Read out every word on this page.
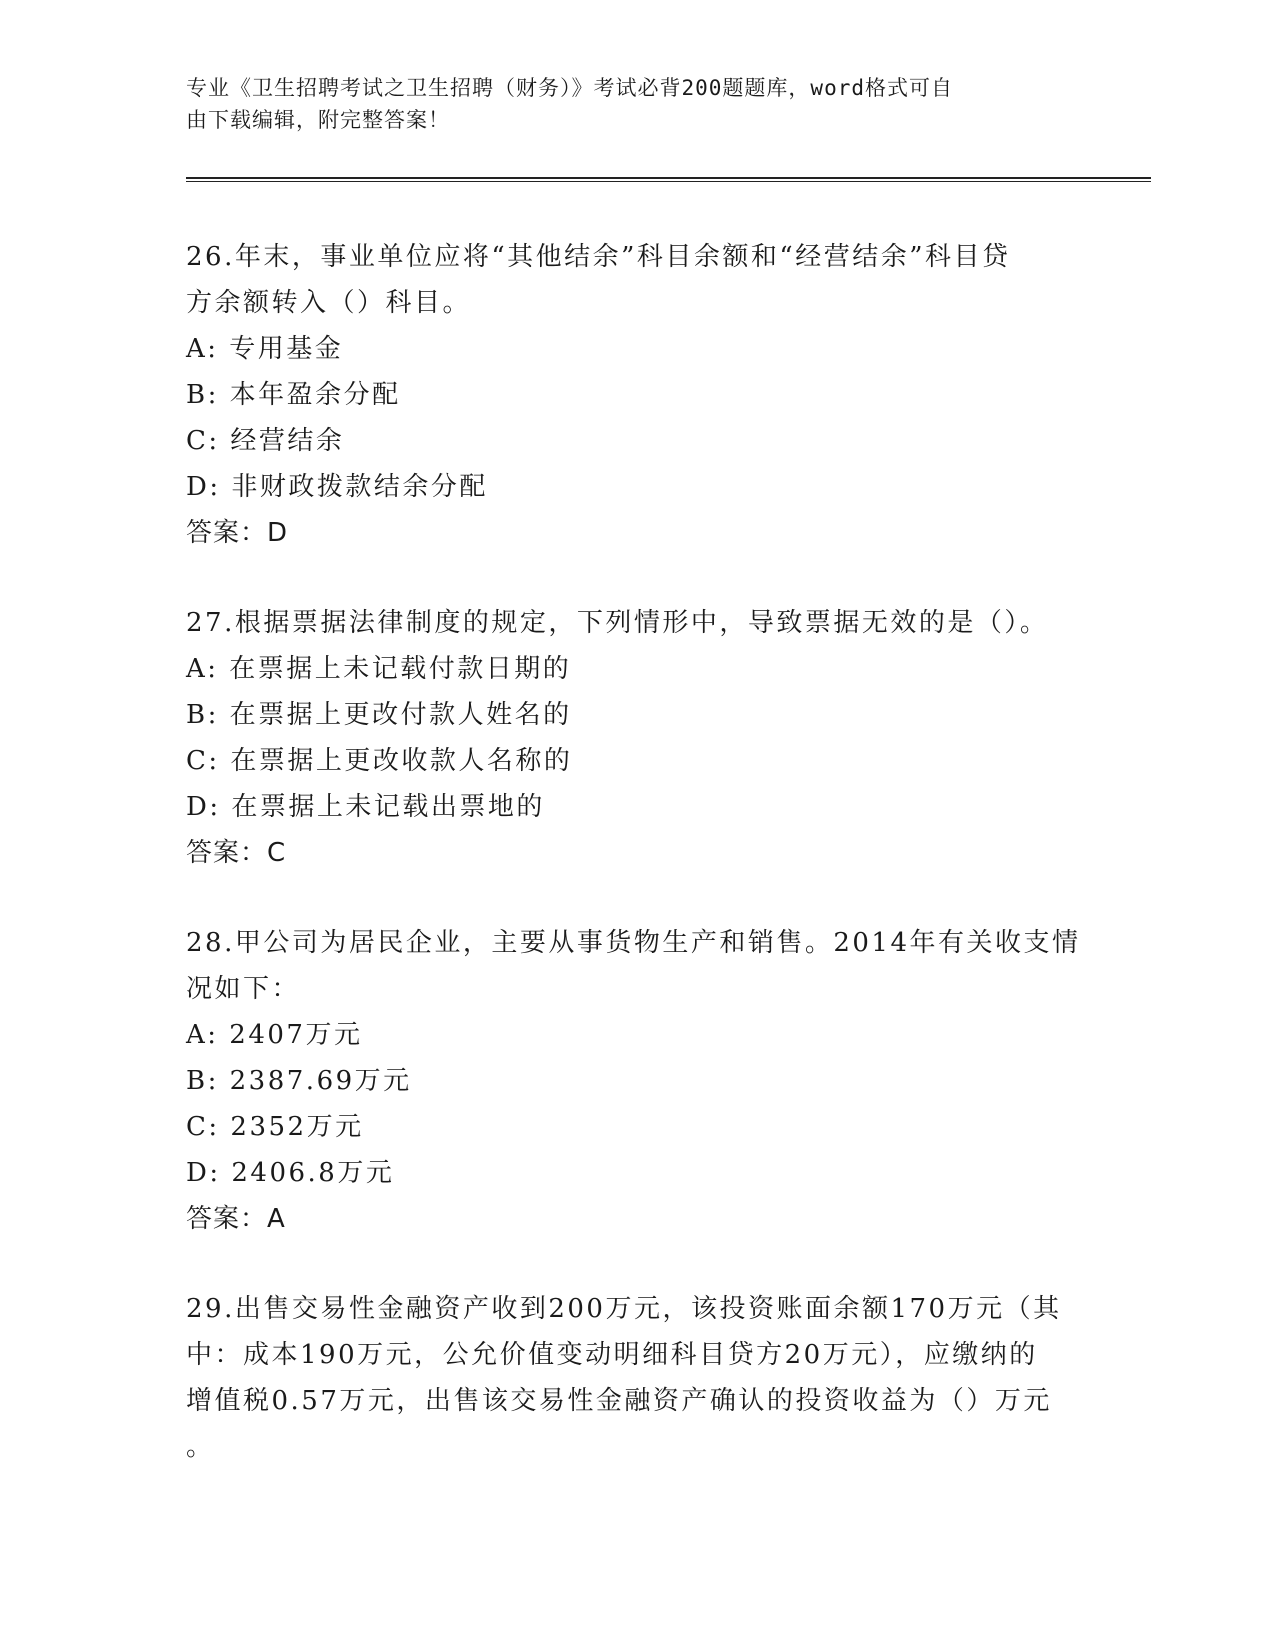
专业《卫生招聘考试之卫生招聘（财务）》考试必背200题题库，word格式可自
由下载编辑，附完整答案！
26.年末，事业单位应将“其他结余”科目余额和“经营结余”科目贷
方余额转入（）科目。
A: 专用基金
B: 本年盈余分配
C: 经营结余
D: 非财政拨款结余分配
答案：D
27.根据票据法律制度的规定，下列情形中，导致票据无效的是（）。
A: 在票据上未记载付款日期的
B: 在票据上更改付款人姓名的
C: 在票据上更改收款人名称的
D: 在票据上未记载出票地的
答案：C
28.甲公司为居民企业，主要从事货物生产和销售。2014年有关收支情
况如下：
A: 2407万元
B: 2387.69万元
C: 2352万元
D: 2406.8万元
答案：A
29.出售交易性金融资产收到200万元，该投资账面余额170万元（其
中：成本190万元，公允价值变动明细科目贷方20万元），应缴纳的
增值税0.57万元，出售该交易性金融资产确认的投资收益为（）万元
。
